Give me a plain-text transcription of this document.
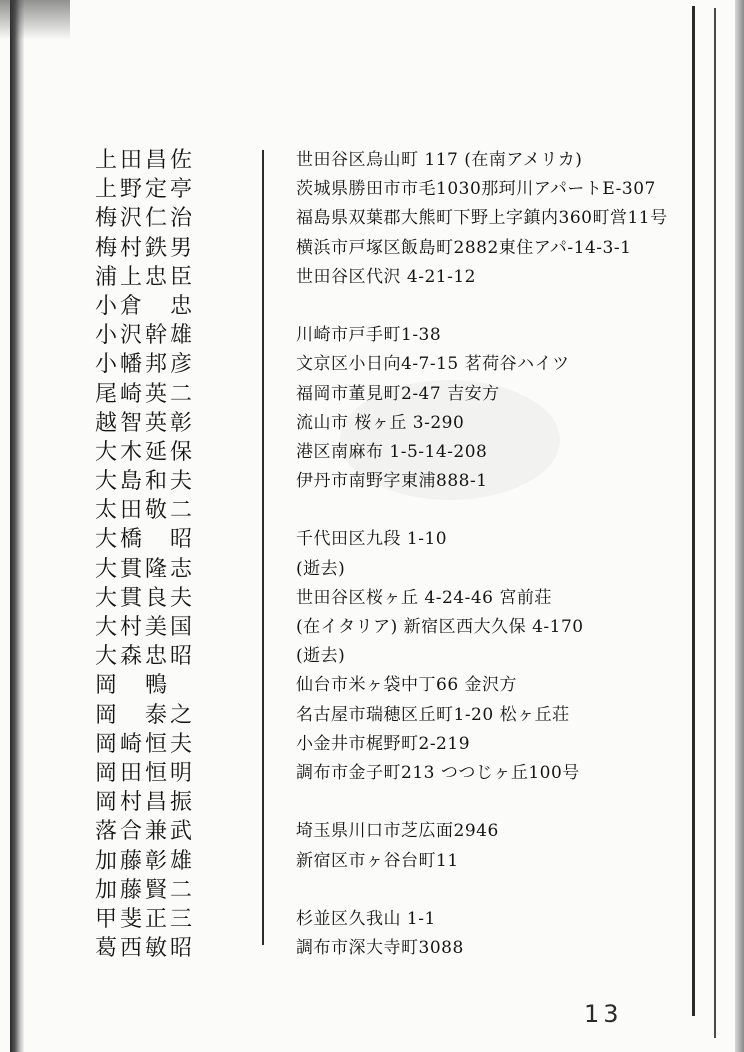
上田昌佐
上野定亭
梅沢仁治
梅村鉄男
浦上忠臣
小倉　忠
小沢幹雄
小幡邦彦
尾崎英二
越智英彰
大木延保
大島和夫
太田敬二
大橋　昭
大貫隆志
大貫良夫
大村美国
大森忠昭
岡　鴨
岡　泰之
岡崎恒夫
岡田恒明
岡村昌振
落合兼武
加藤彰雄
加藤賢二
甲斐正三
葛西敏昭
世田谷区烏山町 117 (在南アメリカ)
茨城県勝田市市毛1030那珂川アパートE-307
福島県双葉郡大熊町下野上字鎮内360町営11号
横浜市戸塚区飯島町2882東住アパ-14-3-1
世田谷区代沢 4-21-12
川崎市戸手町1-38
文京区小日向4-7-15 茗荷谷ハイツ
福岡市董見町2-47 吉安方
流山市 桜ヶ丘 3-290
港区南麻布 1-5-14-208
伊丹市南野字東浦888-1
千代田区九段 1-10
(逝去)
世田谷区桜ヶ丘 4-24-46 宮前荘
(在イタリア) 新宿区西大久保 4-170
(逝去)
仙台市米ヶ袋中丁66 金沢方
名古屋市瑞穂区丘町1-20 松ヶ丘荘
小金井市梶野町2-219
調布市金子町213 つつじヶ丘100号
埼玉県川口市芝広面2946
新宿区市ヶ谷台町11
杉並区久我山 1-1
調布市深大寺町3088
13
